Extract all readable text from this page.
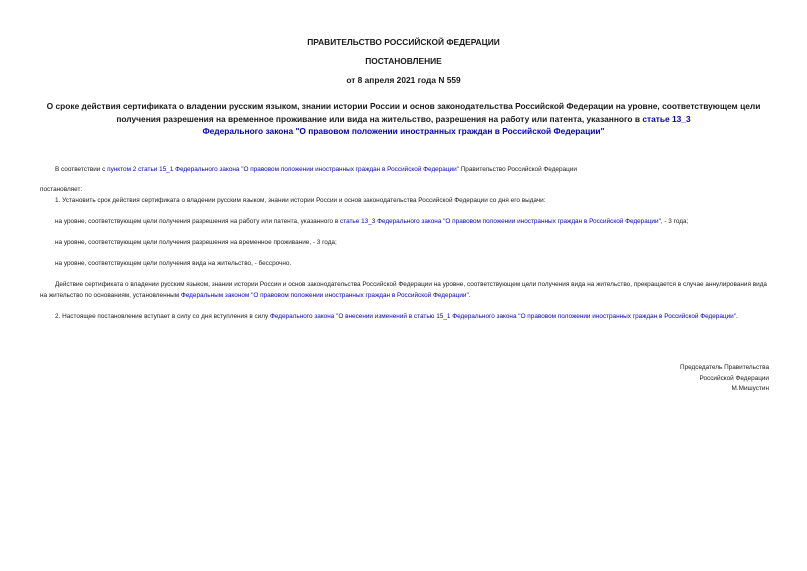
ПРАВИТЕЛЬСТВО РОССИЙСКОЙ ФЕДЕРАЦИИ
ПОСТАНОВЛЕНИЕ
от 8 апреля 2021 года N 559
О сроке действия сертификата о владении русским языком, знании истории России и основ законодательства Российской Федерации на уровне, соответствующем цели получения разрешения на временное проживание или вида на жительство, разрешения на работу или патента, указанного в статье 13_3
Федерального закона "О правовом положении иностранных граждан в Российской Федерации"
В соответствии с пунктом 2 статьи 15_1 Федерального закона "О правовом положении иностранных граждан в Российской Федерации" Правительство Российской Федерации
постановляет:
1. Установить срок действия сертификата о владении русским языком, знании истории России и основ законодательства Российской Федерации со дня его выдачи:
на уровне, соответствующем цели получения разрешения на работу или патента, указанного в статье 13_3 Федерального закона "О правовом положении иностранных граждан в Российской Федерации", - 3 года;
на уровне, соответствующем цели получения разрешения на временное проживание, - 3 года;
на уровне, соответствующем цели получения вида на жительство, - бессрочно.
Действие сертификата о владении русским языком, знании истории России и основ законодательства Российской Федерации на уровне, соответствующем цели получения вида на жительство, прекращается в случае аннулирования вида на жительство по основаниям, установленным Федеральным законом "О правовом положении иностранных граждан в Российской Федерации".
2. Настоящее постановление вступает в силу со дня вступления в силу Федерального закона "О внесении изменений в статью 15_1 Федерального закона "О правовом положении иностранных граждан в Российской Федерации".
Председатель Правительства
Российской Федерации
М.Мишустин
